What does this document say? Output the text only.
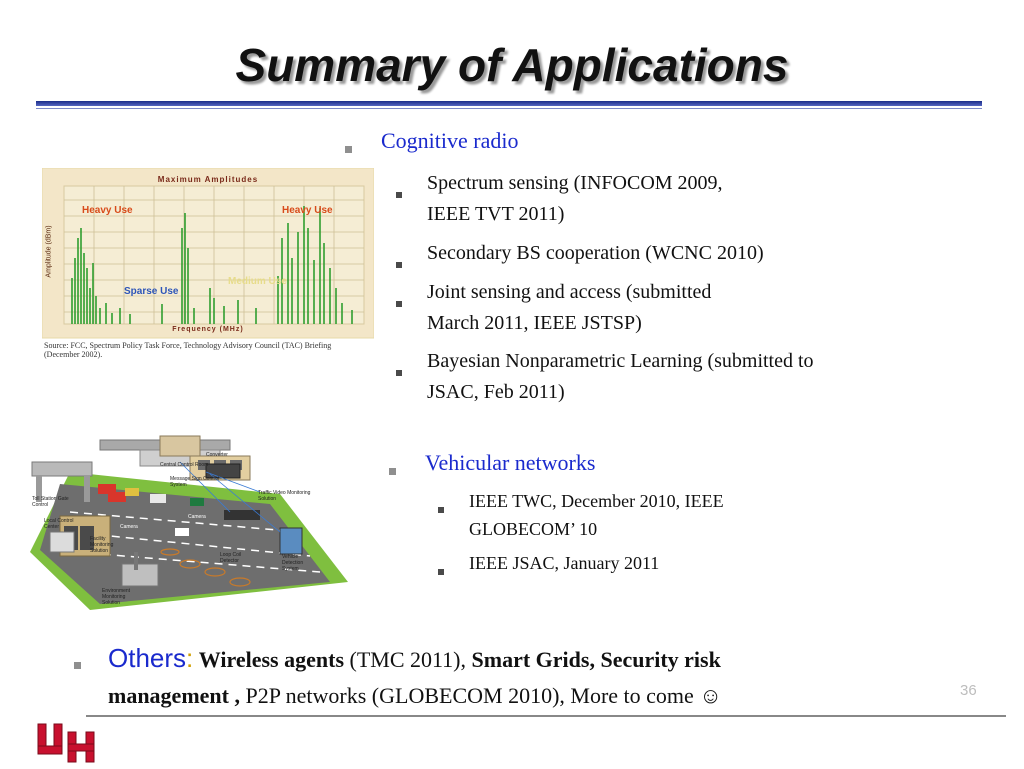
Summary of Applications
Maximum Amplitudes
Heavy Use	Heavy Use
Sparse Use
Medium Use
Amplitude (dBm)
Frequency (MHz)
Source: FCC, Spectrum Policy Task Force, Technology Advisory Council (TAC) Briefing
(December 2002).
Cognitive radio
Spectrum sensing (INFOCOM 2009,
IEEE TVT 2011)
Secondary BS cooperation (WCNC 2010)
Joint sensing and access (submitted
March 2011, IEEE JSTSP)
Bayesian Nonparametric Learning (submitted to
JSAC, Feb 2011)
Central Control Room
Converter
Message Sign Control System
Toll Station Gate Control
Local Control Center
Traffic Video Monitoring Solution
Camera
Camera
Facility Monitoring Solution
Loop Coil Detector
Vehicle Detection System
Environment Monitoring Solution
Vehicular networks
IEEE TWC, December 2010, IEEE
GLOBECOM’ 10
IEEE JSAC, January 2011
Others: Wireless agents (TMC 2011), Smart Grids, Security risk
management , P2P networks (GLOBECOM 2010), More to come ☺	36
